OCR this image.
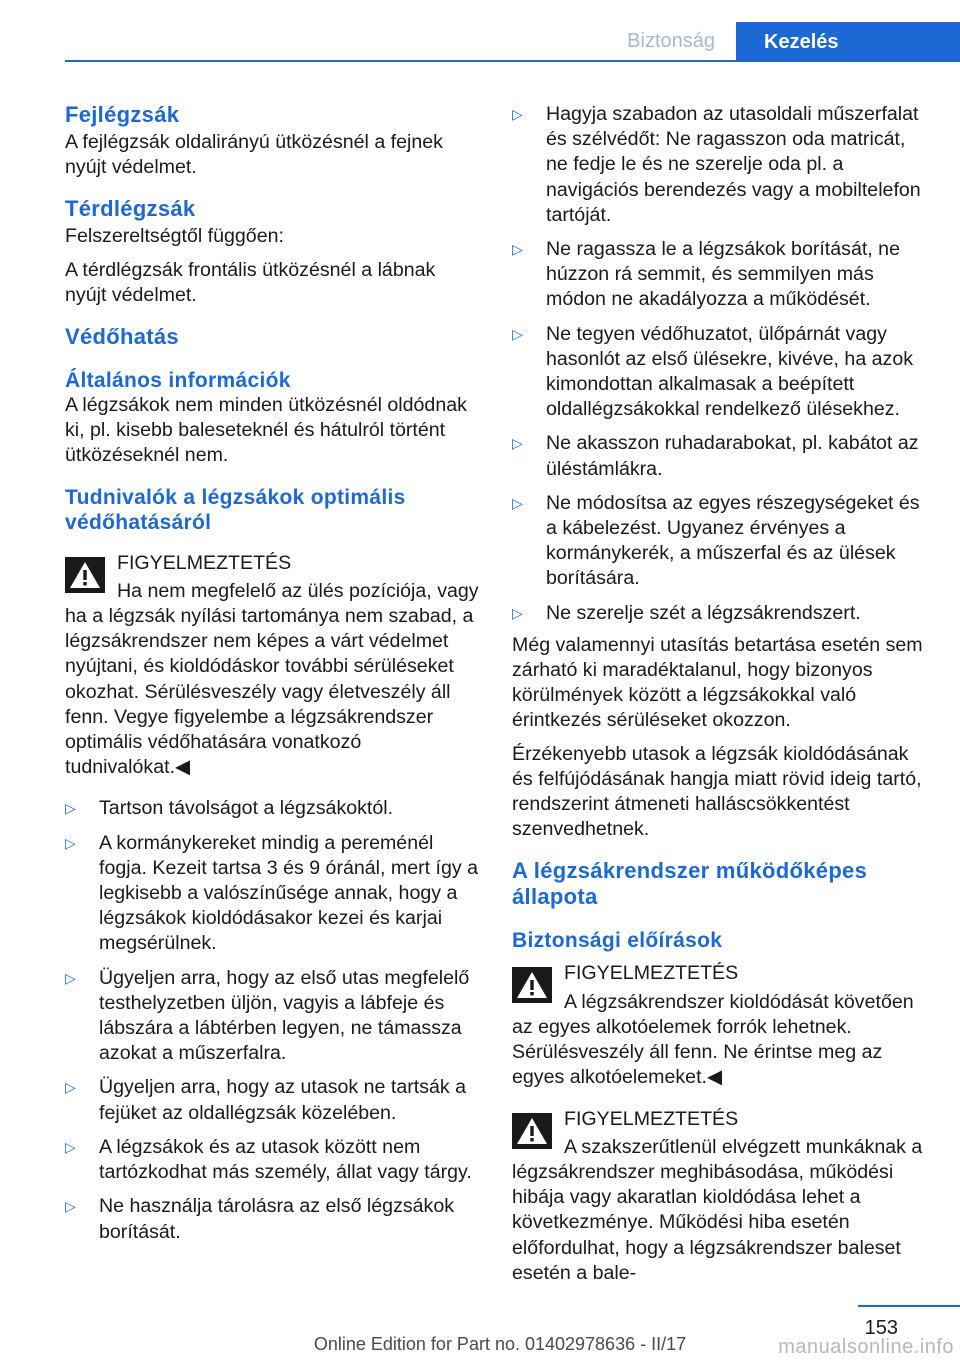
Biztonság	Kezelés
Fejlégzsák

A fejlégzsák oldalirányú ütközésnél a fejnek nyújt védelmet.

Térdlégzsák

Felszereltségtől függően:

A térdlégzsák frontális ütközésnél a lábnak nyújt védelmet.

Védőhatás
Általános információk

A légzsákok nem minden ütközésnél oldódnak ki, pl. kisebb baleseteknél és hátulról történt ütközéseknél nem.

Tudnivalók a légzsákok optimális védőhatásáról
FIGYELMEZTETÉS
Ha nem megfelelő az ülés pozíciója, vagy

ha a légzsák nyílási tartománya nem szabad, a légzsákrendszer nem képes a várt védelmet nyújtani, és kioldódáskor további sérüléseket okozhat. Sérülésveszély vagy életveszély áll fenn. Vegye figyelembe a légzsákrendszer optimális védőhatására vonatkozó tudnivalókat.◀

▷ Tartson távolságot a légzsákoktól.
▷ A kormánykereket mindig a pereménél fogja. Kezeit tartsa 3 és 9 óránál, mert így a legkisebb a valószínűsége annak, hogy a légzsákok kioldódásakor kezei és karjai megsérülnek.
▷ Ügyeljen arra, hogy az első utas megfelelő testhelyzetben üljön, vagyis a lábfeje és lábszára a lábtérben legyen, ne támassza azokat a műszerfalra.
▷ Ügyeljen arra, hogy az utasok ne tartsák a fejüket az oldallégzsák közelében.
▷ A légzsákok és az utasok között nem tartózkodhat más személy, állat vagy tárgy.
▷ Ne használja tárolásra az első légzsákok borítását.
▷ Hagyja szabadon az utasoldali műszerfalat és szélvédőt: Ne ragasszon oda matricát, ne fedje le és ne szerelje oda pl. a navigációs berendezés vagy a mobiltelefon tartóját.
▷ Ne ragassza le a légzsákok borítását, ne húzzon rá semmit, és semmilyen más módon ne akadályozza a működését.
▷ Ne tegyen védőhuzatot, ülőpárnát vagy hasonlót az első ülésekre, kivéve, ha azok kimondottan alkalmasak a beépített oldallégzsákokkal rendelkező ülésekhez.
▷ Ne akasszon ruhadarabokat, pl. kabátot az üléstámlákra.
▷ Ne módosítsa az egyes részegységeket és a kábelezést. Ugyanez érvényes a kormánykerék, a műszerfal és az ülések borítására.
▷ Ne szerelje szét a légzsákrendszert.

Még valamennyi utasítás betartása esetén sem zárható ki maradéktalanul, hogy bizonyos körülmények között a légzsákokkal való érintkezés sérüléseket okozzon.

Érzékenyebb utasok a légzsák kioldódásának és felfújódásának hangja miatt rövid ideig tartó, rendszerint átmeneti halláscsökkentést szenvedhetnek.

A légzsákrendszer működőképes állapota
Biztonsági előírások
FIGYELMEZTETÉS
A légzsákrendszer kioldódását követően

az egyes alkotóelemek forrók lehetnek. Sérülésveszély áll fenn. Ne érintse meg az egyes alkotóelemeket.◀

FIGYELMEZTETÉS
A szakszerűtlenül elvégzett munkáknak a

légzsákrendszer meghibásodása, működési hibája vagy akaratlan kioldódása lehet a következménye. Működési hiba esetén előfordulhat, hogy a légzsákrendszer baleset esetén a bale-

153
Online Edition for Part no. 01402978636 - II/17	manualsonline.info
